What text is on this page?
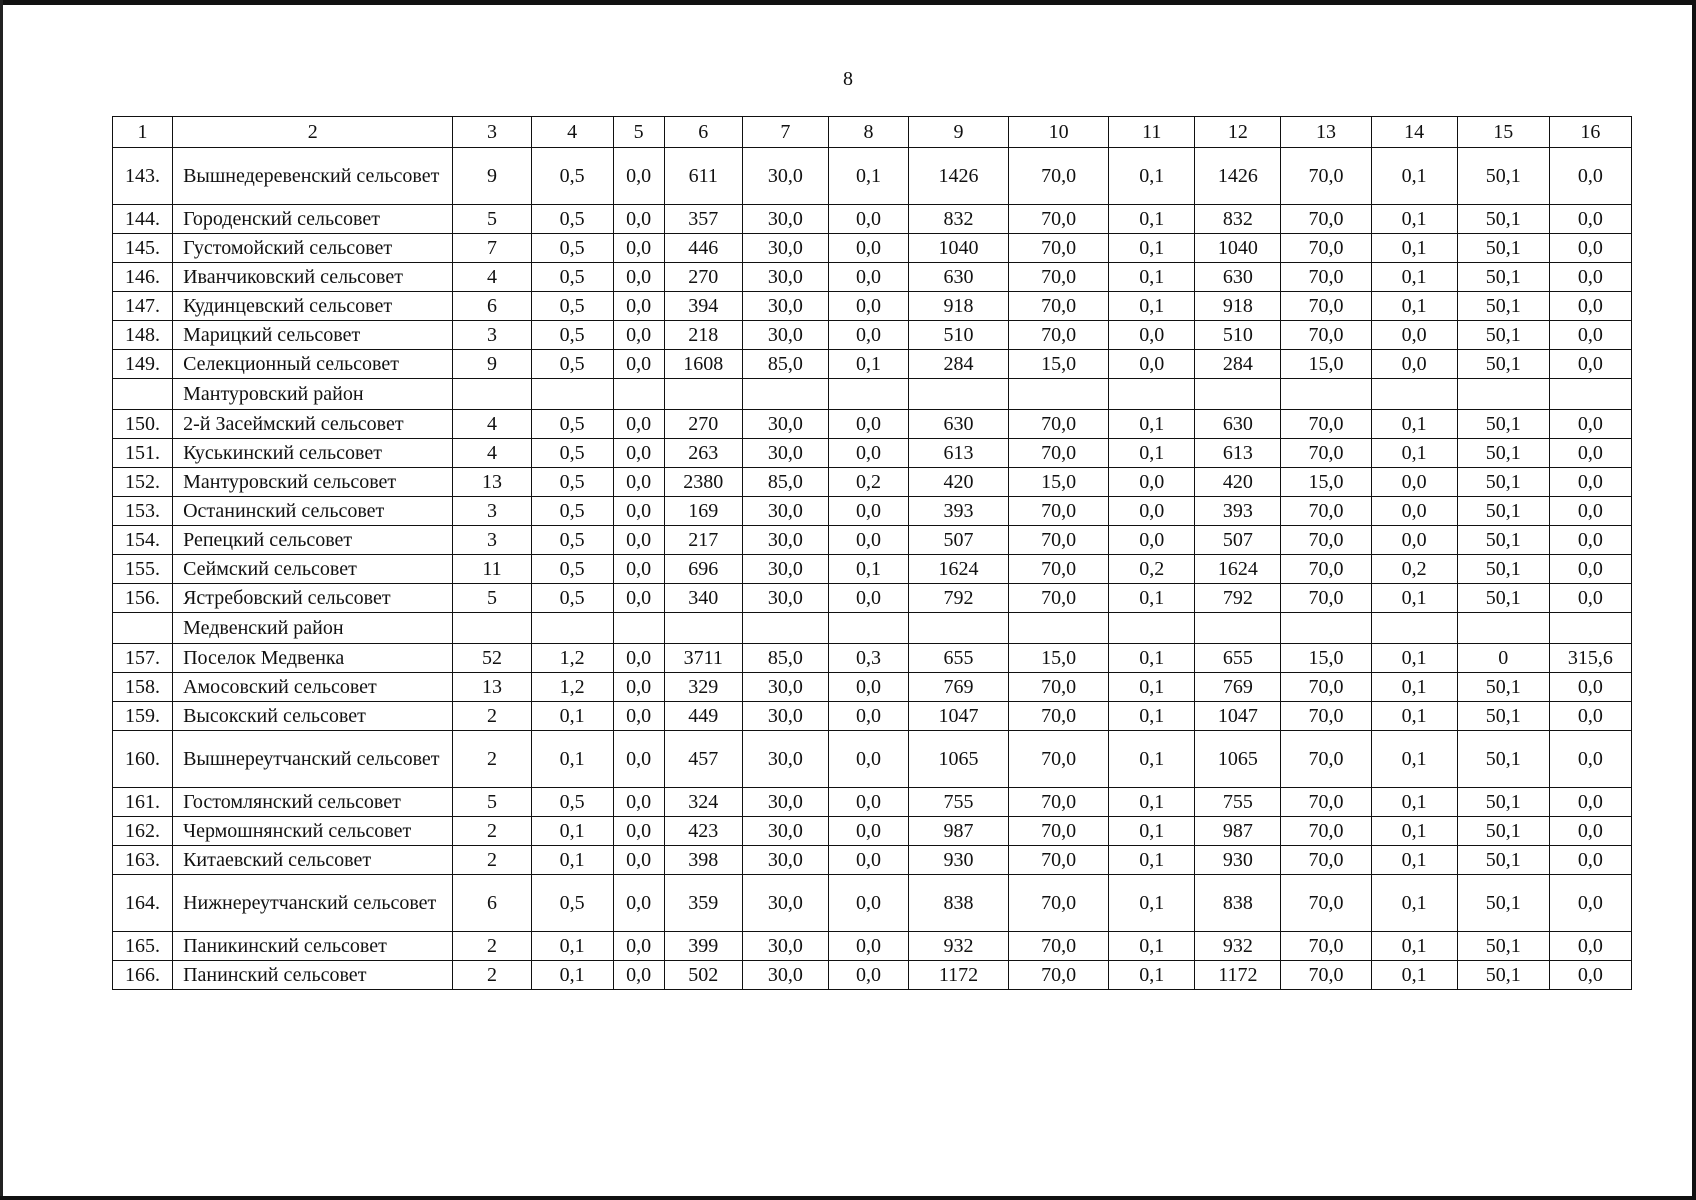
8
1	2	3	4	5	6	7	8	9	10	11	12	13	14	15	16
143.	Вышнедеревенский сельсовет	9	0,5	0,0	611	30,0	0,1	1426	70,0	0,1	1426	70,0	0,1	50,1	0,0
144.	Городенский сельсовет	5	0,5	0,0	357	30,0	0,0	832	70,0	0,1	832	70,0	0,1	50,1	0,0
145.	Густомойский сельсовет	7	0,5	0,0	446	30,0	0,0	1040	70,0	0,1	1040	70,0	0,1	50,1	0,0
146.	Иванчиковский сельсовет	4	0,5	0,0	270	30,0	0,0	630	70,0	0,1	630	70,0	0,1	50,1	0,0
147.	Кудинцевский сельсовет	6	0,5	0,0	394	30,0	0,0	918	70,0	0,1	918	70,0	0,1	50,1	0,0
148.	Марицкий сельсовет	3	0,5	0,0	218	30,0	0,0	510	70,0	0,0	510	70,0	0,0	50,1	0,0
149.	Селекционный сельсовет	9	0,5	0,0	1608	85,0	0,1	284	15,0	0,0	284	15,0	0,0	50,1	0,0
	Мантуровский район														
150.	2-й Засеймский сельсовет	4	0,5	0,0	270	30,0	0,0	630	70,0	0,1	630	70,0	0,1	50,1	0,0
151.	Куськинский сельсовет	4	0,5	0,0	263	30,0	0,0	613	70,0	0,1	613	70,0	0,1	50,1	0,0
152.	Мантуровский сельсовет	13	0,5	0,0	2380	85,0	0,2	420	15,0	0,0	420	15,0	0,0	50,1	0,0
153.	Останинский сельсовет	3	0,5	0,0	169	30,0	0,0	393	70,0	0,0	393	70,0	0,0	50,1	0,0
154.	Репецкий сельсовет	3	0,5	0,0	217	30,0	0,0	507	70,0	0,0	507	70,0	0,0	50,1	0,0
155.	Сеймский сельсовет	11	0,5	0,0	696	30,0	0,1	1624	70,0	0,2	1624	70,0	0,2	50,1	0,0
156.	Ястребовский сельсовет	5	0,5	0,0	340	30,0	0,0	792	70,0	0,1	792	70,0	0,1	50,1	0,0
	Медвенский район														
157.	Поселок Медвенка	52	1,2	0,0	3711	85,0	0,3	655	15,0	0,1	655	15,0	0,1	0	315,6
158.	Амосовский сельсовет	13	1,2	0,0	329	30,0	0,0	769	70,0	0,1	769	70,0	0,1	50,1	0,0
159.	Высокский сельсовет	2	0,1	0,0	449	30,0	0,0	1047	70,0	0,1	1047	70,0	0,1	50,1	0,0
160.	Вышнереутчанский сельсовет	2	0,1	0,0	457	30,0	0,0	1065	70,0	0,1	1065	70,0	0,1	50,1	0,0
161.	Гостомлянский сельсовет	5	0,5	0,0	324	30,0	0,0	755	70,0	0,1	755	70,0	0,1	50,1	0,0
162.	Чермошнянский сельсовет	2	0,1	0,0	423	30,0	0,0	987	70,0	0,1	987	70,0	0,1	50,1	0,0
163.	Китаевский сельсовет	2	0,1	0,0	398	30,0	0,0	930	70,0	0,1	930	70,0	0,1	50,1	0,0
164.	Нижнереутчанский сельсовет	6	0,5	0,0	359	30,0	0,0	838	70,0	0,1	838	70,0	0,1	50,1	0,0
165.	Паникинский сельсовет	2	0,1	0,0	399	30,0	0,0	932	70,0	0,1	932	70,0	0,1	50,1	0,0
166.	Панинский сельсовет	2	0,1	0,0	502	30,0	0,0	1172	70,0	0,1	1172	70,0	0,1	50,1	0,0
